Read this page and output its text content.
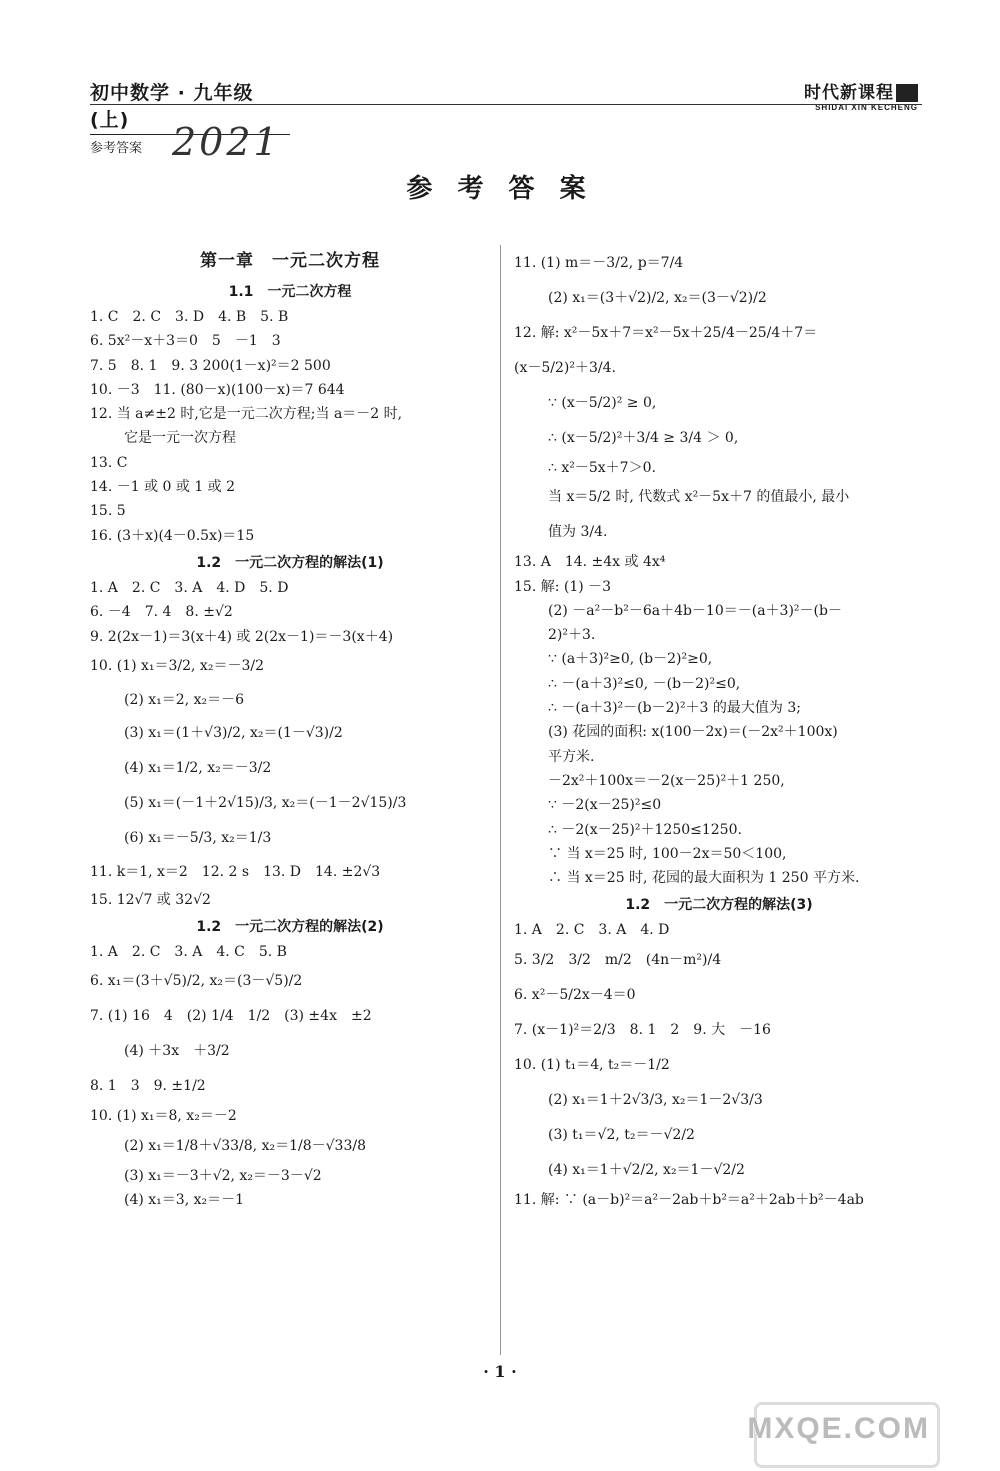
初中数学 · 九年级(上)
参考答案
时代新课程
SHIDAI XIN KECHENG
2021
参 考 答 案
第一章　一元二次方程
1.1　一元二次方程
1. C　2. C　3. D　4. B　5. B
6. 5x²－x＋3＝0　5　－1　3
7. 5　8. 1　9. 3 200(1－x)²＝2 500
10. －3　11. (80－x)(100－x)＝7 644
12. 当 a≠±2 时,它是一元二次方程;当 a＝－2 时,
它是一元一次方程
13. C
14. －1 或 0 或 1 或 2
15. 5
16. (3＋x)(4－0.5x)＝15
1.2　一元二次方程的解法(1)
1. A　2. C　3. A　4. D　5. D
6. －4　7. 4　8. ±√2
9. 2(2x－1)＝3(x＋4) 或 2(2x－1)＝－3(x＋4)
10. (1) x₁＝3/2, x₂＝－3/2
(2) x₁＝2, x₂＝－6
(3) x₁＝(1＋√3)/2, x₂＝(1－√3)/2
(4) x₁＝1/2, x₂＝－3/2
(5) x₁＝(－1＋2√15)/3, x₂＝(－1－2√15)/3
(6) x₁＝－5/3, x₂＝1/3
11. k＝1, x＝2　12. 2 s　13. D　14. ±2√3
15. 12√7 或 32√2
1.2　一元二次方程的解法(2)
1. A　2. C　3. A　4. C　5. B
6. x₁＝(3＋√5)/2, x₂＝(3－√5)/2
7. (1) 16　4　(2) 1/4　1/2　(3) ±4x　±2
(4) ＋3x　＋3/2
8. 1　3　9. ±1/2
10. (1) x₁＝8, x₂＝－2
(2) x₁＝1/8＋√33/8, x₂＝1/8－√33/8
(3) x₁＝－3＋√2, x₂＝－3－√2
(4) x₁＝3, x₂＝－1
11. (1) m＝－3/2, p＝7/4
(2) x₁＝(3＋√2)/2, x₂＝(3－√2)/2
12. 解: x²－5x＋7＝x²－5x＋25/4－25/4＋7＝
(x－5/2)²＋3/4.
∵ (x－5/2)² ≥ 0,
∴ (x－5/2)²＋3/4 ≥ 3/4 ＞ 0,
∴ x²－5x＋7＞0.
当 x＝5/2 时, 代数式 x²－5x＋7 的值最小, 最小
值为 3/4.
13. A　14. ±4x 或 4x⁴
15. 解: (1) －3
(2) －a²－b²－6a＋4b－10＝－(a＋3)²－(b－
2)²＋3.
∵ (a＋3)²≥0, (b－2)²≥0,
∴ －(a＋3)²≤0, －(b－2)²≤0,
∴ －(a＋3)²－(b－2)²＋3 的最大值为 3;
(3) 花园的面积: x(100－2x)＝(－2x²＋100x)
平方米.
－2x²＋100x＝－2(x－25)²＋1 250,
∵ －2(x－25)²≤0
∴ －2(x－25)²＋1250≤1250.
∵ 当 x＝25 时, 100－2x＝50＜100,
∴ 当 x＝25 时, 花园的最大面积为 1 250 平方米.
1.2　一元二次方程的解法(3)
1. A　2. C　3. A　4. D
5. 3/2　3/2　m/2　(4n－m²)/4
6. x²－5/2x－4＝0
7. (x－1)²＝2/3　8. 1　2　9. 大　－16
10. (1) t₁＝4, t₂＝－1/2
(2) x₁＝1＋2√3/3, x₂＝1－2√3/3
(3) t₁＝√2, t₂＝－√2/2
(4) x₁＝1＋√2/2, x₂＝1－√2/2
11. 解: ∵ (a－b)²＝a²－2ab＋b²＝a²＋2ab＋b²－4ab
· 1 ·
MXQE.COM
